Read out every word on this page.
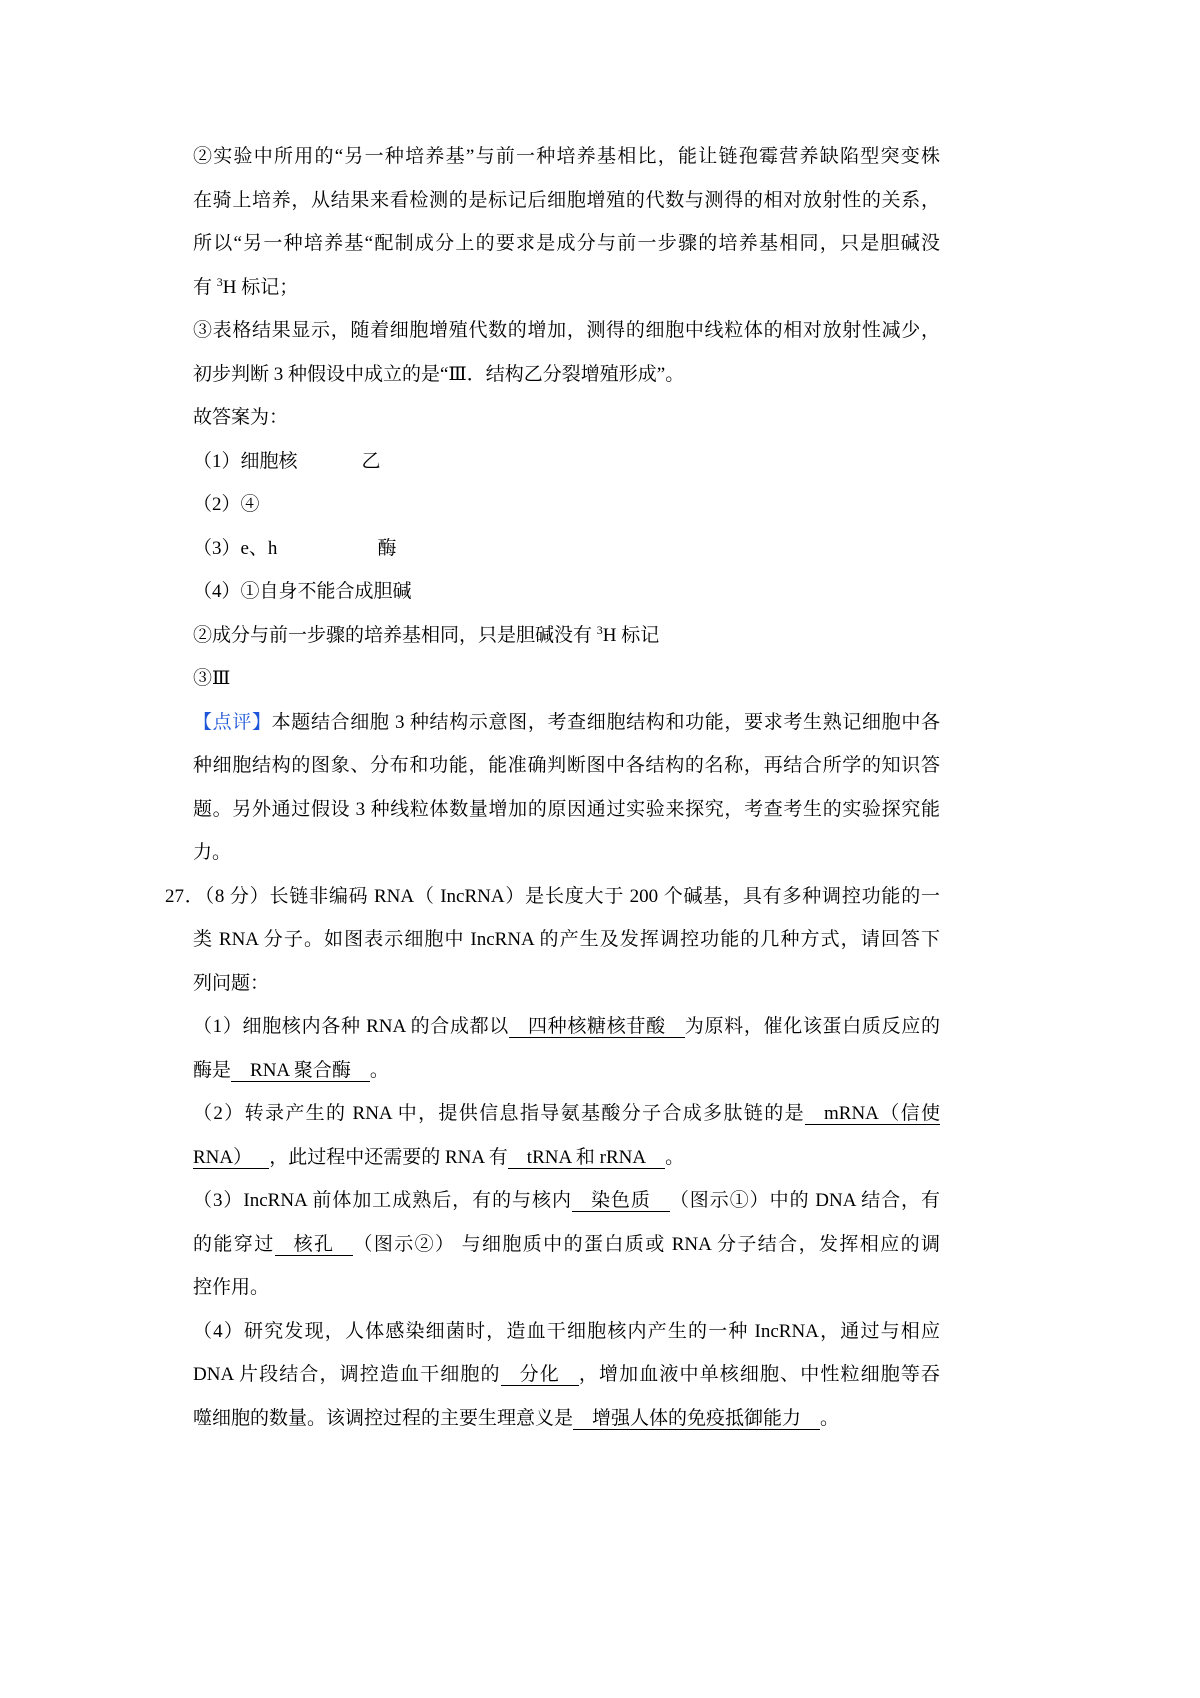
②实验中所用的“另一种培养基”与前一种培养基相比，能让链孢霉营养缺陷型突变株
在骑上培养，从结果来看检测的是标记后细胞增殖的代数与测得的相对放射性的关系，
所以“另一种培养基“配制成分上的要求是成分与前一步骤的培养基相同，只是胆碱没
有 $^3$H 标记；
③表格结果显示，随着细胞增殖代数的增加，测得的细胞中线粒体的相对放射性减少，
初步判断 3 种假设中成立的是“Ⅲ．结构乙分裂增殖形成”。
故答案为：
（1）细胞核	乙
（2）④
（3）e、h	酶
（4）①自身不能合成胆碱
②成分与前一步骤的培养基相同，只是胆碱没有 $^3$H 标记
③Ⅲ
【点评】本题结合细胞 3 种结构示意图，考查细胞结构和功能，要求考生熟记细胞中各
种细胞结构的图象、分布和功能，能准确判断图中各结构的名称，再结合所学的知识答
题。另外通过假设 3 种线粒体数量增加的原因通过实验来探究，考查考生的实验探究能
力。
27．（8 分）长链非编码 RNA（ IncRNA）是长度大于 200 个碱基，具有多种调控功能的一
类 RNA 分子。如图表示细胞中 IncRNA 的产生及发挥调控功能的几种方式，请回答下
列问题：
（1）细胞核内各种 RNA 的合成都以 四种核糖核苷酸 为原料，催化该蛋白质反应的
酶是 RNA 聚合酶 。
（2）转录产生的 RNA 中，提供信息指导氨基酸分子合成多肽链的是 mRNA（信使
RNA） ，此过程中还需要的 RNA 有 tRNA 和 rRNA 。
（3）IncRNA 前体加工成熟后，有的与核内 染色质 （图示①）中的 DNA 结合，有
的能穿过 核孔 （图示②） 与细胞质中的蛋白质或 RNA 分子结合，发挥相应的调
控作用。
（4）研究发现，人体感染细菌时，造血干细胞核内产生的一种 IncRNA，通过与相应
DNA 片段结合，调控造血干细胞的 分化 ，增加血液中单核细胞、中性粒细胞等吞
噬细胞的数量。该调控过程的主要生理意义是 增强人体的免疫抵御能力 。
